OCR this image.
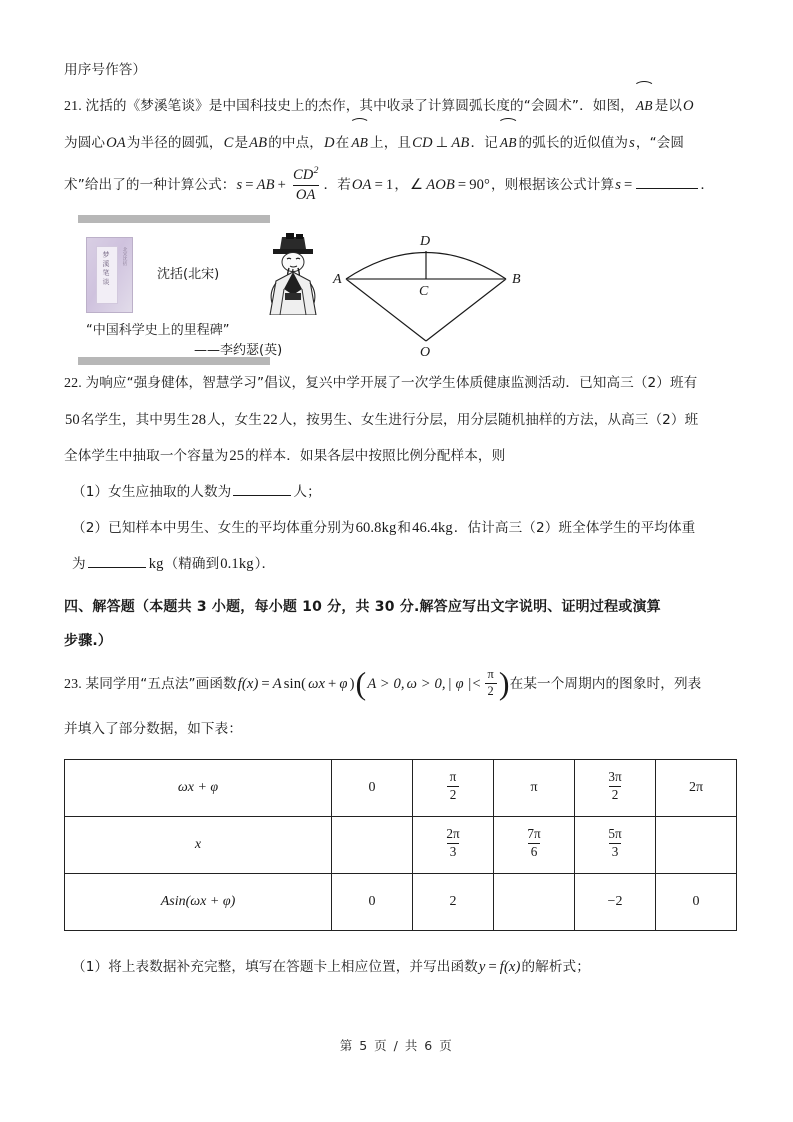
用序号作答）
21. 沈括的《梦溪笔谈》是中国科技史上的杰作，其中收录了计算圆弧长度的“会圆术”．如图， AB 是以O
为圆心OA为半径的圆弧，C是AB的中点，D在 AB 上，且CD ⊥ AB．记 AB 的弧长的近似值为s，“会圆
术”给出了的一种计算公式：s = AB + $\frac{CD^2}{OA}$ ．若OA = 1， ∠ AOB = 90°，则根据该公式计算s =	．
梦溪笔谈
北宋沈括
沈括(北宋)
“中国科学史上的里程碑”
——李约瑟(英)
A	B
C
D
O
22. 为响应“强身健体，智慧学习”倡议，复兴中学开展了一次学生体质健康监测活动．已知高三（2）班有
50名学生，其中男生28人，女生22人，按男生、女生进行分层，用分层随机抽样的方法，从高三（2）班
全体学生中抽取一个容量为25的样本．如果各层中按照比例分配样本，则
（1）女生应抽取的人数为	人；
（2）已知样本中男生、女生的平均体重分别为60.8kg和46.4kg．估计高三（2）班全体学生的平均体重
为	kg（精确到0.1kg）．
四、解答题（本题共 3 小题，每小题 10 分，共 30 分.解答应写出文字说明、证明过程或演算
步骤.）
23. 某同学用“五点法”画函数f(x) = A sin( ωx + φ )(A > 0, ω > 0, | φ |< $\frac{\pi}{2}$ )在某一个周期内的图象时，列表
并填入了部分数据，如下表：
ωx + φ	0	$\frac{\pi}{2}$	π	$\frac{3\pi}{2}$	2π
x		$\frac{2\pi}{3}$	$\frac{7\pi}{6}$	$\frac{5\pi}{3}$

Asin(ωx + φ)	0	2		−2	0
（1）将上表数据补充完整，填写在答题卡上相应位置，并写出函数y = f(x)的解析式；
第 5 页 / 共 6 页
